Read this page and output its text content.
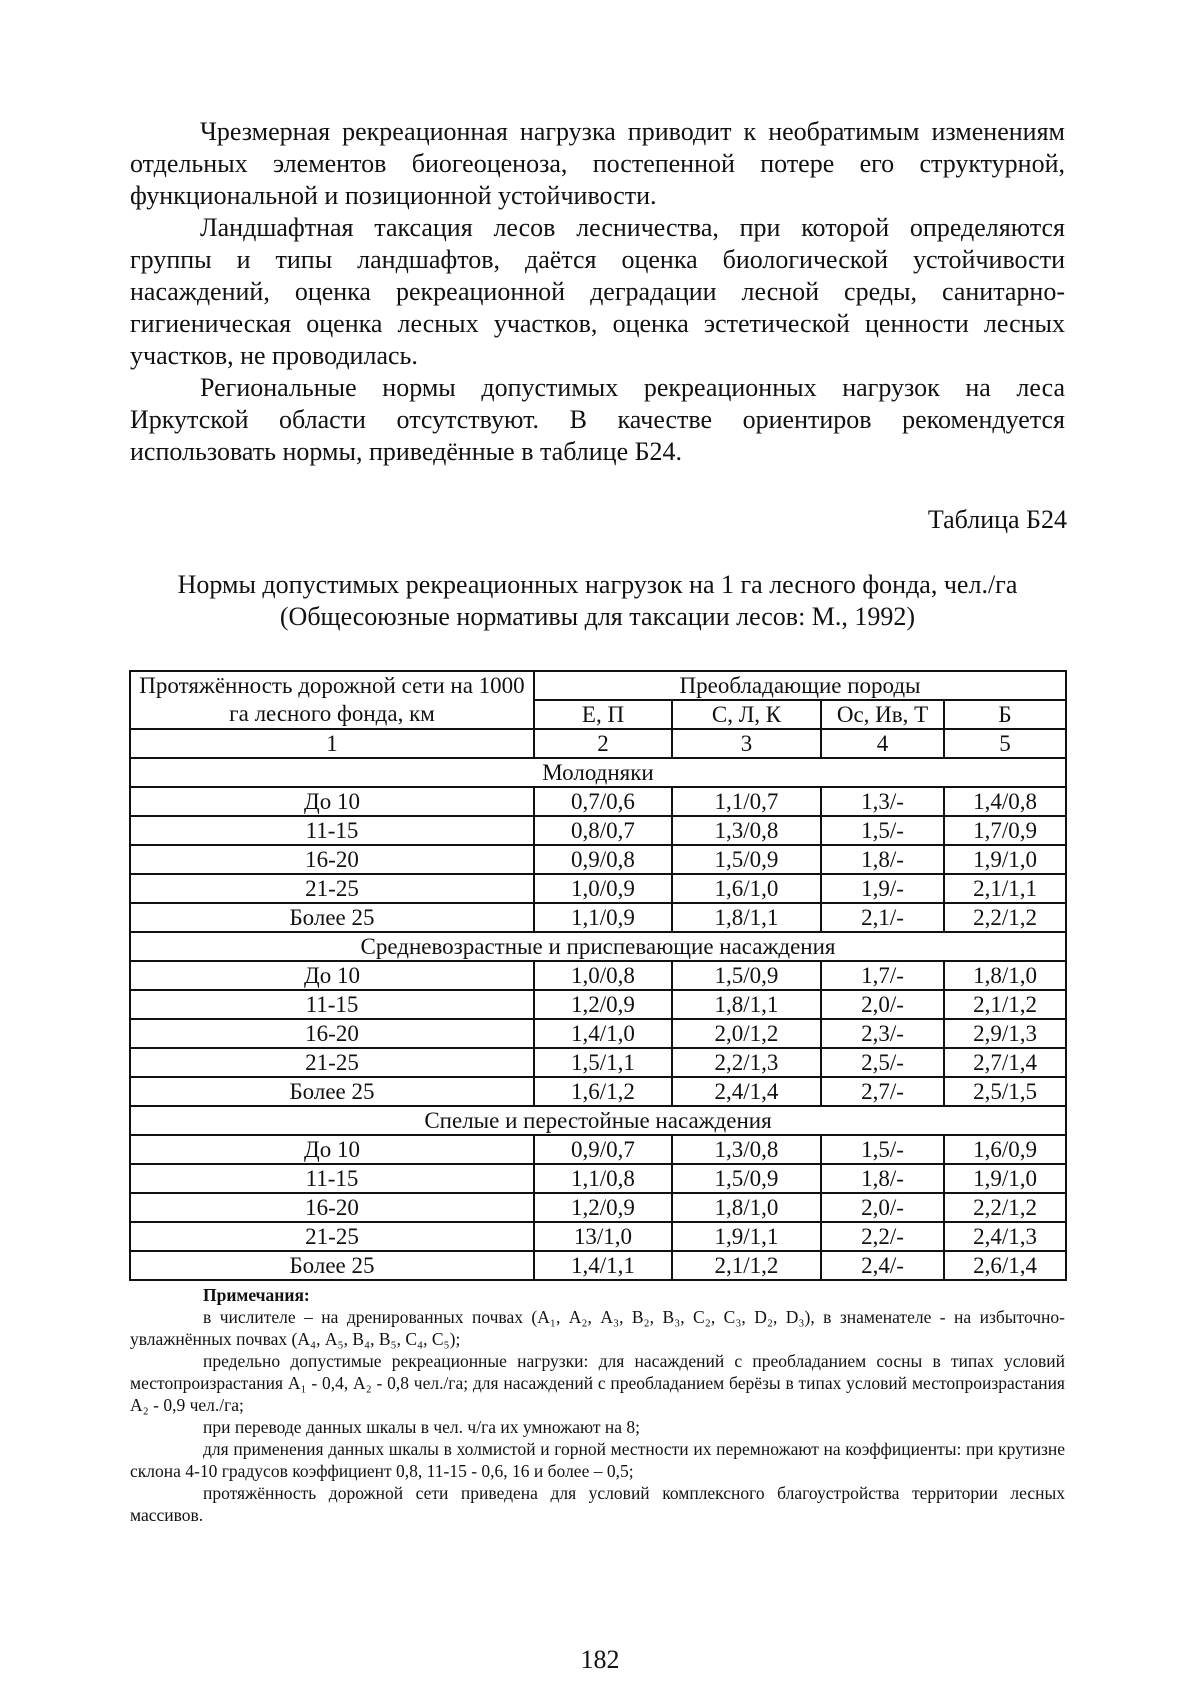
Чрезмерная рекреационная нагрузка приводит к необратимым изменениям отдельных элементов биогеоценоза, постепенной потере его структурной, функциональной и позиционной устойчивости.

Ландшафтная таксация лесов лесничества, при которой определяются группы и типы ландшафтов, даётся оценка биологической устойчивости насаждений, оценка рекреационной деградации лесной среды, санитарно-гигиеническая оценка лесных участков, оценка эстетической ценности лесных участков, не проводилась.

Региональные нормы допустимых рекреационных нагрузок на леса Иркутской области отсутствуют. В качестве ориентиров рекомендуется использовать нормы, приведённые в таблице Б24.

Таблица Б24

Нормы допустимых рекреационных нагрузок на 1 га лесного фонда, чел./га

(Общесоюзные нормативы для таксации лесов: М., 1992)

Протяжённость дорожной сети на 1000 га лесного фонда, км	Преобладающие породы			
	Е, П	С, Л, К	Ос, Ив, Т	Б
1	2	3	4	5
Молодняки				
До 10	0,7/0,6	1,1/0,7	1,3/-	1,4/0,8
11-15	0,8/0,7	1,3/0,8	1,5/-	1,7/0,9
16-20	0,9/0,8	1,5/0,9	1,8/-	1,9/1,0
21-25	1,0/0,9	1,6/1,0	1,9/-	2,1/1,1
Более 25	1,1/0,9	1,8/1,1	2,1/-	2,2/1,2
Средневозрастные и приспевающие насаждения				
До 10	1,0/0,8	1,5/0,9	1,7/-	1,8/1,0
11-15	1,2/0,9	1,8/1,1	2,0/-	2,1/1,2
16-20	1,4/1,0	2,0/1,2	2,3/-	2,9/1,3
21-25	1,5/1,1	2,2/1,3	2,5/-	2,7/1,4
Более 25	1,6/1,2	2,4/1,4	2,7/-	2,5/1,5
Спелые и перестойные насаждения				
До 10	0,9/0,7	1,3/0,8	1,5/-	1,6/0,9
11-15	1,1/0,8	1,5/0,9	1,8/-	1,9/1,0
16-20	1,2/0,9	1,8/1,0	2,0/-	2,2/1,2
21-25	13/1,0	1,9/1,1	2,2/-	2,4/1,3
Более 25	1,4/1,1	2,1/1,2	2,4/-	2,6/1,4

Примечания:

в числителе – на дренированных почвах (А₁, А₂, А₃, В₂, В₃, С₂, С₃, D₂, D₃), в знаменателе - на избыточно-увлажнённых почвах (А₄, А₅, В₄, В₅, С₄, С₅);

предельно допустимые рекреационные нагрузки: для насаждений с преобладанием сосны в типах условий местопроизрастания А₁ - 0,4, А₂ - 0,8 чел./га; для насаждений с преобладанием берёзы в типах условий местопроизрастания А₂ - 0,9 чел./га;

при переводе данных шкалы в чел. ч/га их умножают на 8;

для применения данных шкалы в холмистой и горной местности их перемножают на коэффициенты: при крутизне склона 4-10 градусов коэффициент 0,8, 11-15 - 0,6, 16 и более – 0,5;

протяжённость дорожной сети приведена для условий комплексного благоустройства территории лесных массивов.

182
